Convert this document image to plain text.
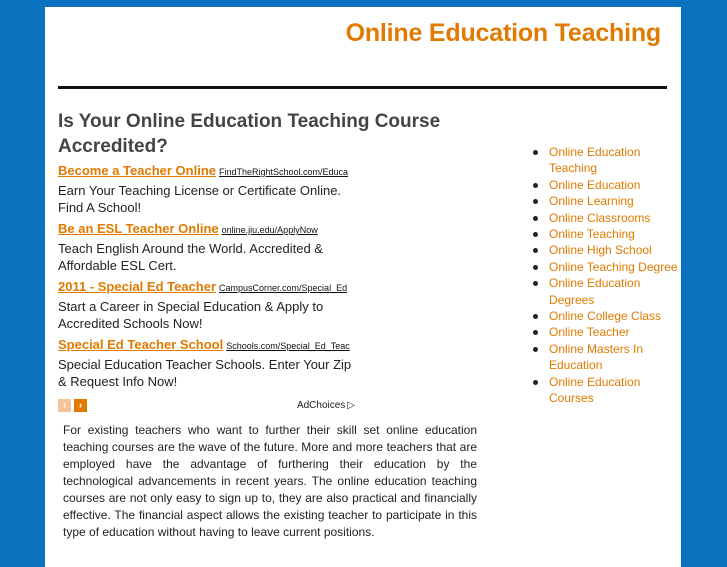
Online Education Teaching
Is Your Online Education Teaching Course Accredited?
Become a Teacher Online FindTheRightSchool.com/Educa
Earn Your Teaching License or Certificate Online. Find A School!
Be an ESL Teacher Online online.jiu.edu/ApplyNow
Teach English Around the World. Accredited & Affordable ESL Cert.
2011 - Special Ed Teacher CampusCorner.com/Special_Ed
Start a Career in Special Education & Apply to Accredited Schools Now!
Special Ed Teacher School Schools.com/Special_Ed_Teac
Special Education Teacher Schools. Enter Your Zip & Request Info Now!
‹	›	AdChoices ▷
For existing teachers who want to further their skill set online education teaching courses are the wave of the future. More and more teachers that are employed have the advantage of furthering their education by the technological advancements in recent years. The online education teaching courses are not only easy to sign up to, they are also practical and financially effective. The financial aspect allows the existing teacher to participate in this type of education without having to leave current positions.
Online Education Teaching
Online Education
Online Learning
Online Classrooms
Online Teaching
Online High School
Online Teaching Degree
Online Education Degrees
Online College Class
Online Teacher
Online Masters In Education
Online Education Courses
